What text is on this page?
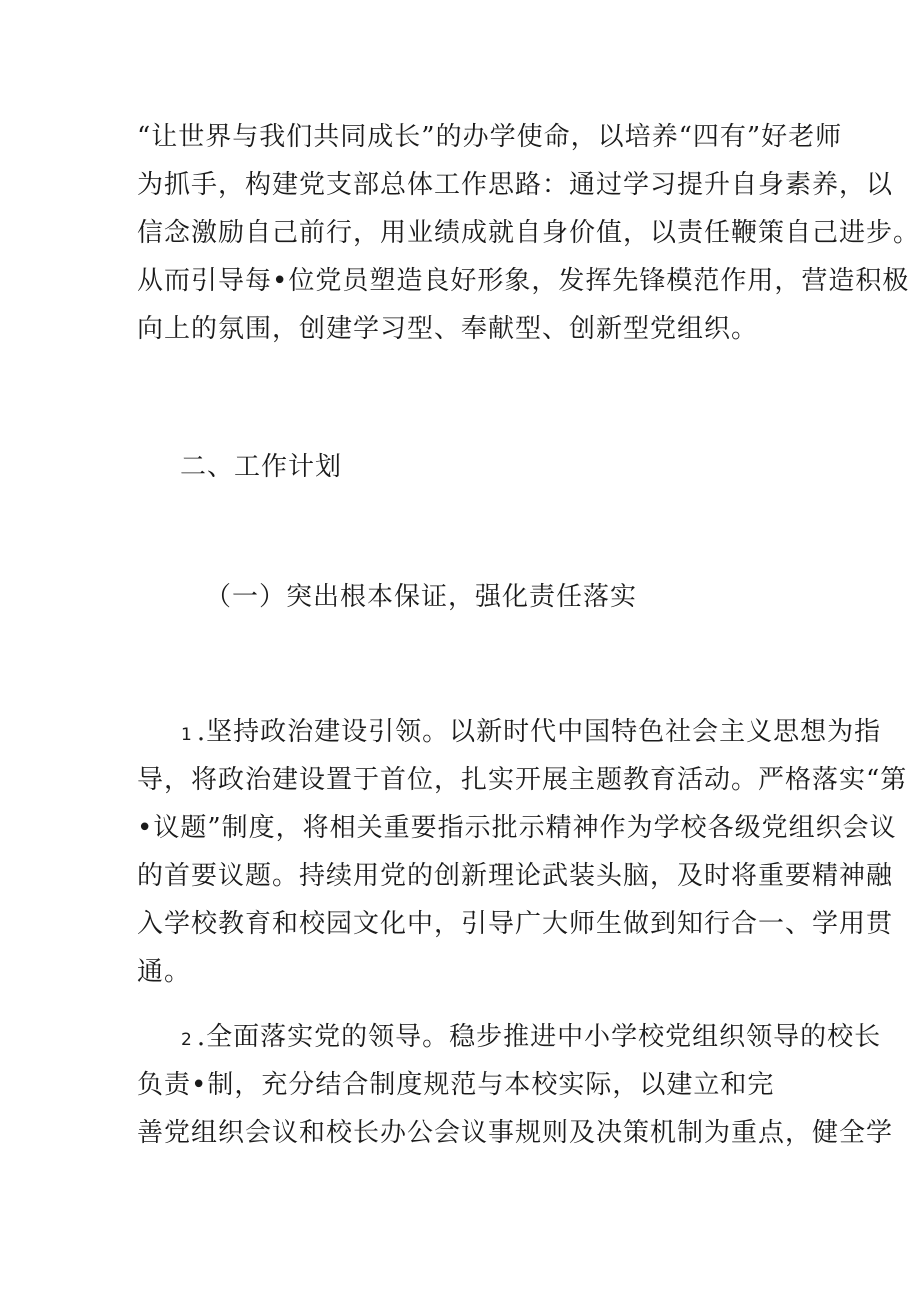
“让世界与我们共同成长”的办学使命，以培养“四有”好老师
为抓手，构建党支部总体工作思路：通过学习提升自身素养，以
信念激励自己前行，用业绩成就自身价值，以责任鞭策自己进步。
从而引导每•位党员塑造良好形象，发挥先锋模范作用，营造积极
向上的氛围，创建学习型、奉献型、创新型党组织。
二、工作计划
（一）突出根本保证，强化责任落实
1 .坚持政治建设引领。以新时代中国特色社会主义思想为指
导，将政治建设置于首位，扎实开展主题教育活动。严格落实“第
•议题”制度，将相关重要指示批示精神作为学校各级党组织会议
的首要议题。持续用党的创新理论武装头脑，及时将重要精神融
入学校教育和校园文化中，引导广大师生做到知行合一、学用贯
通。
2 .全面落实党的领导。稳步推进中小学校党组织领导的校长
负责•制，充分结合制度规范与本校实际，以建立和完
善党组织会议和校长办公会议事规则及决策机制为重点，健全学
